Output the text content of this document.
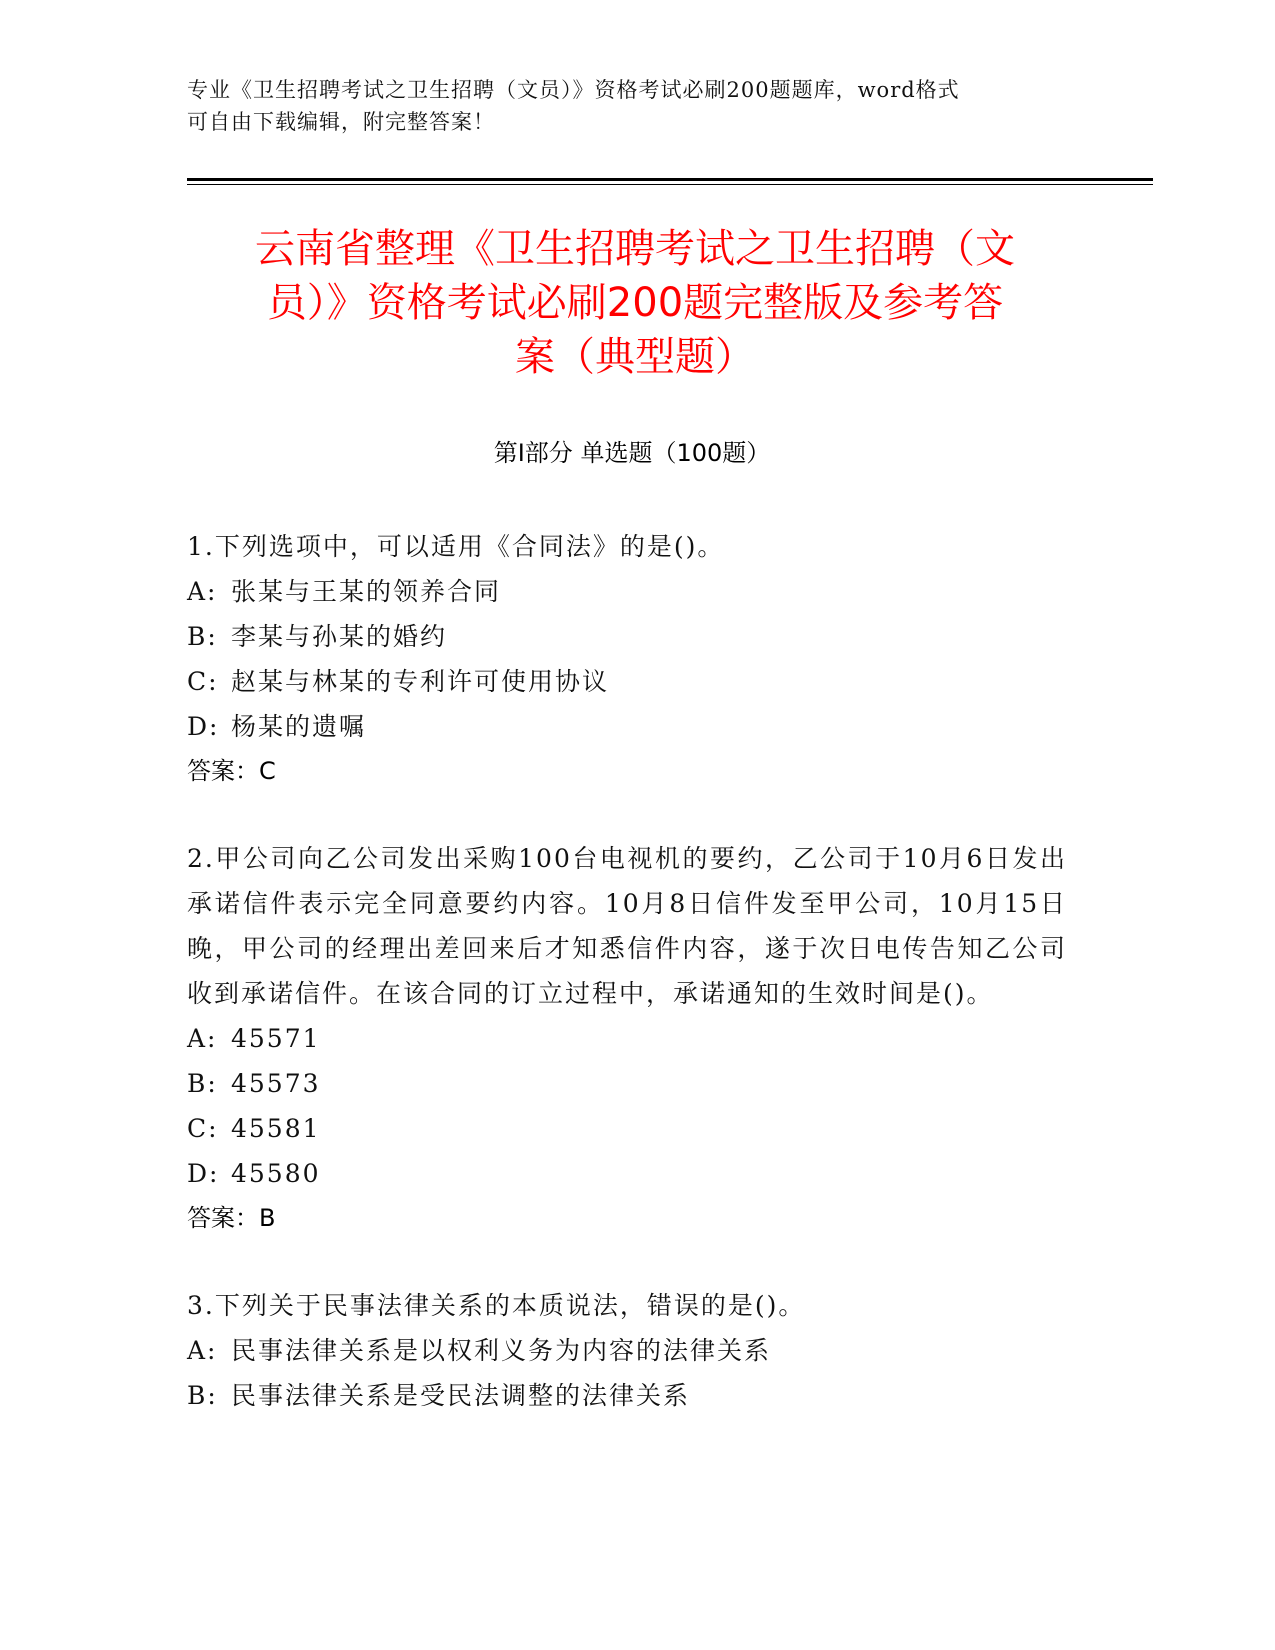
专业《卫生招聘考试之卫生招聘（文员）》资格考试必刷200题题库，word格式
可自由下载编辑，附完整答案！
云南省整理《卫生招聘考试之卫生招聘（文
员）》资格考试必刷200题完整版及参考答
案（典型题）
第Ⅰ部分 单选题（100题）
1.下列选项中，可以适用《合同法》的是()。
A: 张某与王某的领养合同
B: 李某与孙某的婚约
C: 赵某与林某的专利许可使用协议
D: 杨某的遗嘱
答案：C
2.甲公司向乙公司发出采购100台电视机的要约，乙公司于10月6日发出承诺信件表示完全同意要约内容。10月8日信件发至甲公司，10月15日晚，甲公司的经理出差回来后才知悉信件内容，遂于次日电传告知乙公司收到承诺信件。在该合同的订立过程中，承诺通知的生效时间是()。
A: 45571
B: 45573
C: 45581
D: 45580
答案：B
3.下列关于民事法律关系的本质说法，错误的是()。
A: 民事法律关系是以权利义务为内容的法律关系
B: 民事法律关系是受民法调整的法律关系
